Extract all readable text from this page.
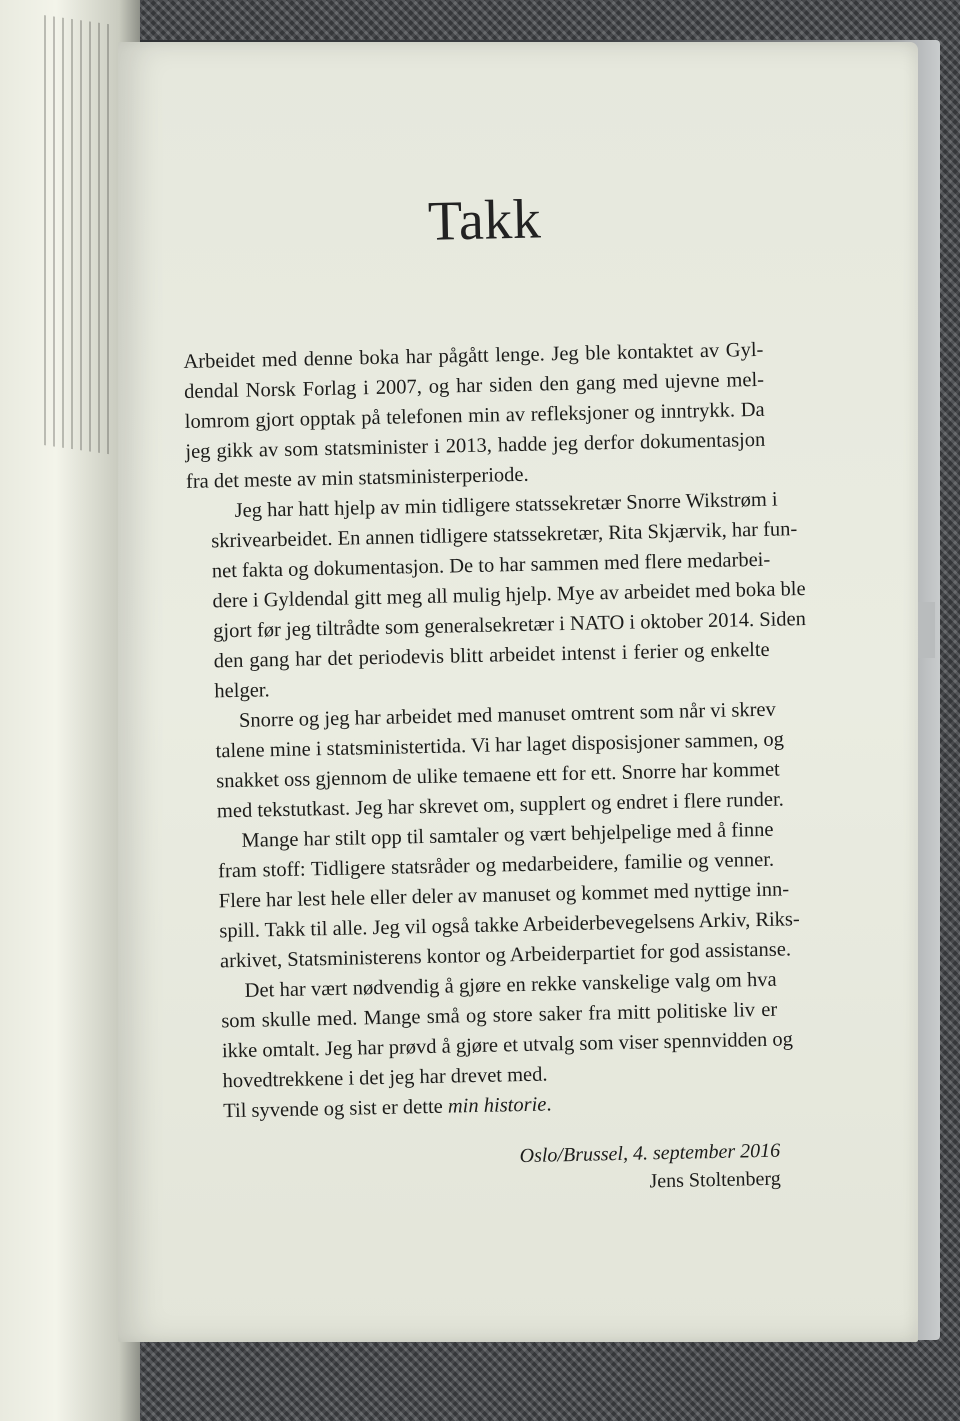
Takk

Arbeidet med denne boka har pågått lenge. Jeg ble kontaktet av Gyl-
dendal Norsk Forlag i 2007, og har siden den gang med ujevne mel-
lomrom gjort opptak på telefonen min av refleksjoner og inntrykk. Da
jeg gikk av som statsminister i 2013, hadde jeg derfor dokumentasjon
fra det meste av min statsministerperiode.

Jeg har hatt hjelp av min tidligere statssekretær Snorre Wikstrøm i
skrivearbeidet. En annen tidligere statssekretær, Rita Skjærvik, har fun-
net fakta og dokumentasjon. De to har sammen med flere medarbei-
dere i Gyldendal gitt meg all mulig hjelp. Mye av arbeidet med boka ble
gjort før jeg tiltrådte som generalsekretær i NATO i oktober 2014. Siden
den gang har det periodevis blitt arbeidet intenst i ferier og enkelte
helger.

Snorre og jeg har arbeidet med manuset omtrent som når vi skrev
talene mine i statsministertida. Vi har laget disposisjoner sammen, og
snakket oss gjennom de ulike temaene ett for ett. Snorre har kommet
med tekstutkast. Jeg har skrevet om, supplert og endret i flere runder.

Mange har stilt opp til samtaler og vært behjelpelige med å finne
fram stoff: Tidligere statsråder og medarbeidere, familie og venner.
Flere har lest hele eller deler av manuset og kommet med nyttige inn-
spill. Takk til alle. Jeg vil også takke Arbeiderbevegelsens Arkiv, Riks-
arkivet, Statsministerens kontor og Arbeiderpartiet for god assistanse.

Det har vært nødvendig å gjøre en rekke vanskelige valg om hva
som skulle med. Mange små og store saker fra mitt politiske liv er
ikke omtalt. Jeg har prøvd å gjøre et utvalg som viser spennvidden og
hovedtrekkene i det jeg har drevet med.

Til syvende og sist er dette min historie.

Oslo/Brussel, 4. september 2016
Jens Stoltenberg
